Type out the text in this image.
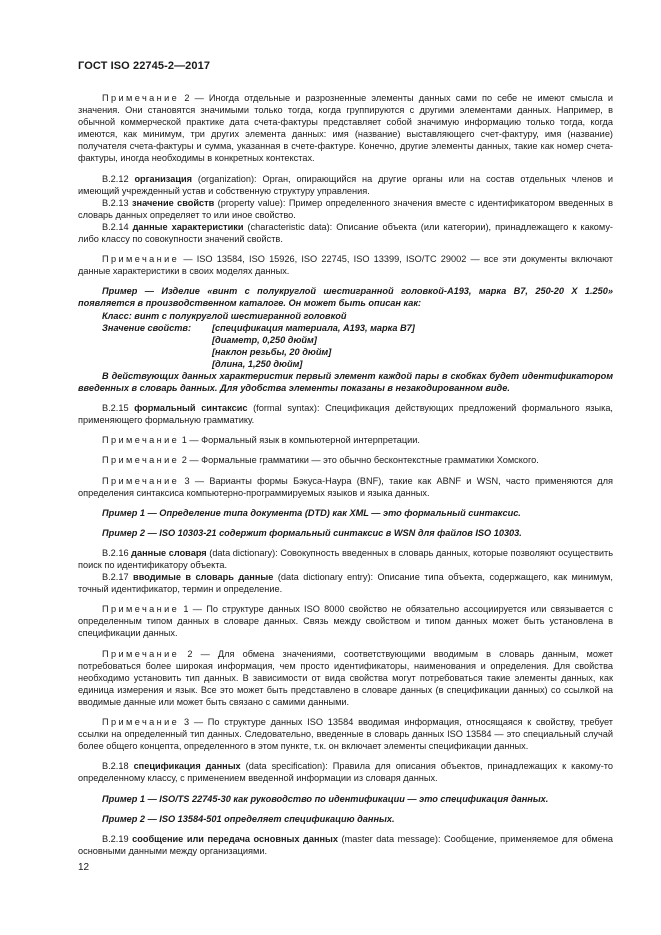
ГОСТ ISO 22745-2—2017

Примечание 2 — Иногда отдельные и разрозненные элементы данных сами по себе не имеют смысла и значения. Они становятся значимыми только тогда, когда группируются с другими элементами данных. Например, в обычной коммерческой практике дата счета-фактуры представляет собой значимую информацию только тогда, когда имеются, как минимум, три других элемента данных: имя (название) выставляющего счет-фактуру, имя (название) получателя счета-фактуры и сумма, указанная в счете-фактуре. Конечно, другие элементы данных, такие как номер счета-фактуры, иногда необходимы в конкретных контекстах.

B.2.12 организация (organization): Орган, опирающийся на другие органы или на состав отдельных членов и имеющий учрежденный устав и собственную структуру управления.

B.2.13 значение свойств (property value): Пример определенного значения вместе с идентификатором введенных в словарь данных определяет то или иное свойство.

B.2.14 данные характеристики (characteristic data): Описание объекта (или категории), принадлежащего к какому-либо классу по совокупности значений свойств.

Примечание — ISO 13584, ISO 15926, ISO 22745, ISO 13399, ISO/TC 29002 — все эти документы включают данные характеристики в своих моделях данных.

Пример — Изделие «винт с полукруглой шестигранной головкой-А193, марка В7, 250-20 X 1.250» появляется в производственном каталоге. Он может быть описан как:

Класс: винт с полукруглой шестигранной головкой

Значение свойств:	[спецификация материала, А193, марка В7]
[диаметр, 0,250 дюйм]
[наклон резьбы, 20 дюйм]
[длина, 1,250 дюйм]

В действующих данных характеристик первый элемент каждой пары в скобках будет идентификатором введенных в словарь данных. Для удобства элементы показаны в незакодированном виде.

B.2.15 формальный синтаксис (formal syntax): Спецификация действующих предложений формального языка, применяющего формальную грамматику.

Примечание 1 — Формальный язык в компьютерной интерпретации.

Примечание 2 — Формальные грамматики — это обычно бесконтекстные грамматики Хомского.

Примечание 3 — Варианты формы Бэкуса-Наура (BNF), такие как ABNF и WSN, часто применяются для определения синтаксиса компьютерно-программируемых языков и языка данных.

Пример 1 — Определение типа документа (DTD) как XML — это формальный синтаксис.

Пример 2 — ISO 10303-21 содержит формальный синтаксис в WSN для файлов ISO 10303.

B.2.16 данные словаря (data dictionary): Совокупность введенных в словарь данных, которые позволяют осуществить поиск по идентификатору объекта.

B.2.17 вводимые в словарь данные (data dictionary entry): Описание типа объекта, содержащего, как минимум, точный идентификатор, термин и определение.

Примечание 1 — По структуре данных ISO 8000 свойство не обязательно ассоциируется или связывается с определенным типом данных в словаре данных. Связь между свойством и типом данных может быть установлена в спецификации данных.

Примечание 2 — Для обмена значениями, соответствующими вводимым в словарь данным, может потребоваться более широкая информация, чем просто идентификаторы, наименования и определения. Для свойства необходимо установить тип данных. В зависимости от вида свойства могут потребоваться такие элементы данных, как единица измерения и язык. Все это может быть представлено в словаре данных (в спецификации данных) со ссылкой на вводимые данные или может быть связано с самими данными.

Примечание 3 — По структуре данных ISO 13584 вводимая информация, относящаяся к свойству, требует ссылки на определенный тип данных. Следовательно, введенные в словарь данных ISO 13584 — это специальный случай более общего концепта, определенного в этом пункте, т.к. он включает элементы спецификации данных.

B.2.18 спецификация данных (data specification): Правила для описания объектов, принадлежащих к какому-то определенному классу, с применением введенной информации из словаря данных.

Пример 1 — ISO/TS 22745-30 как руководство по идентификации — это спецификация данных.

Пример 2 — ISO 13584-501 определяет спецификацию данных.

B.2.19 сообщение или передача основных данных (master data message): Сообщение, применяемое для обмена основными данными между организациями.

12
